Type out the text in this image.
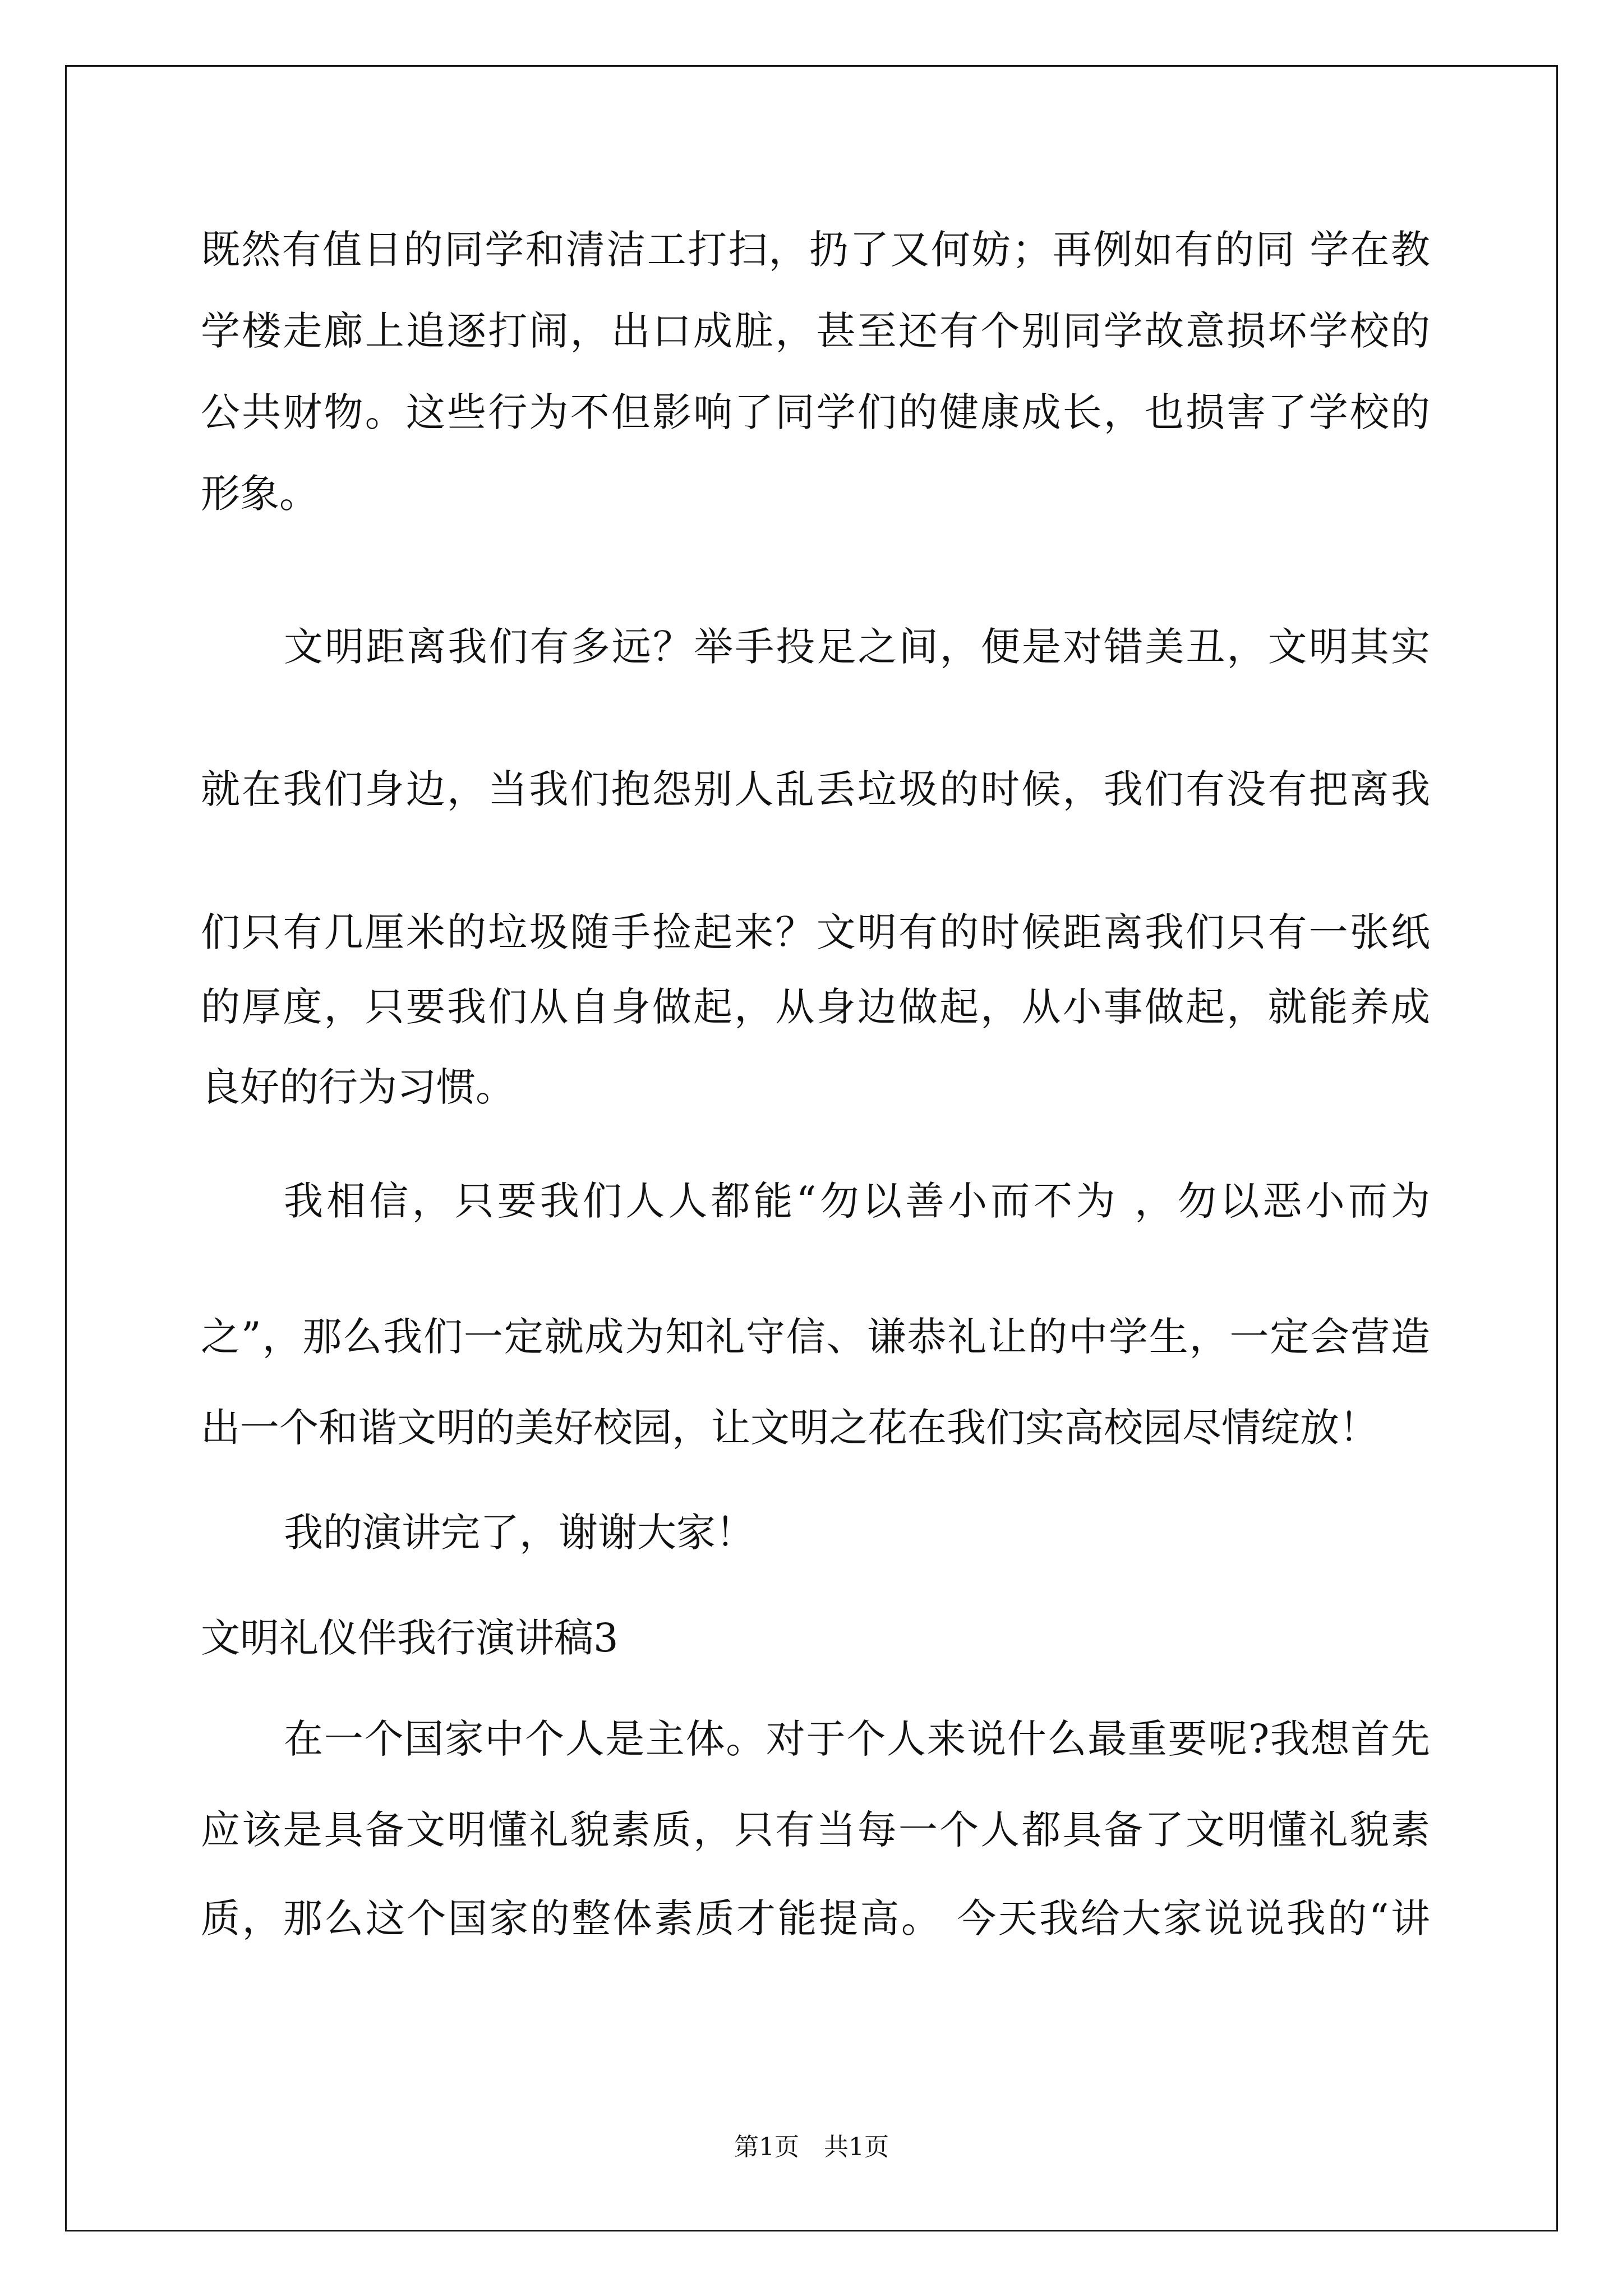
既然有值日的同学和清洁工打扫，扔了又何妨；再例如有的同 学在教
学楼走廊上追逐打闹，出口成脏，甚至还有个别同学故意损坏学校的
公共财物。这些行为不但影响了同学们的健康成长，也损害了学校的
形象。
文明距离我们有多远？举手投足之间，便是对错美丑，文明其实
就在我们身边，当我们抱怨别人乱丢垃圾的时候，我们有没有把离我
们只有几厘米的垃圾随手捡起来？文明有的时候距离我们只有一张纸
的厚度，只要我们从自身做起，从身边做起，从小事做起，就能养成
良好的行为习惯。
我相信，只要我们人人都能“勿以善小而不为 ，勿以恶小而为
之”，那么我们一定就成为知礼守信、谦恭礼让的中学生，一定会营造
出一个和谐文明的美好校园，让文明之花在我们实高校园尽情绽放！
我的演讲完了，谢谢大家！
文明礼仪伴我行演讲稿3
在一个国家中个人是主体。对于个人来说什么最重要呢?我想首先
应该是具备文明懂礼貌素质，只有当每一个人都具备了文明懂礼貌素
质，那么这个国家的整体素质才能提高。 今天我给大家说说我的“讲
第1页　共1页
